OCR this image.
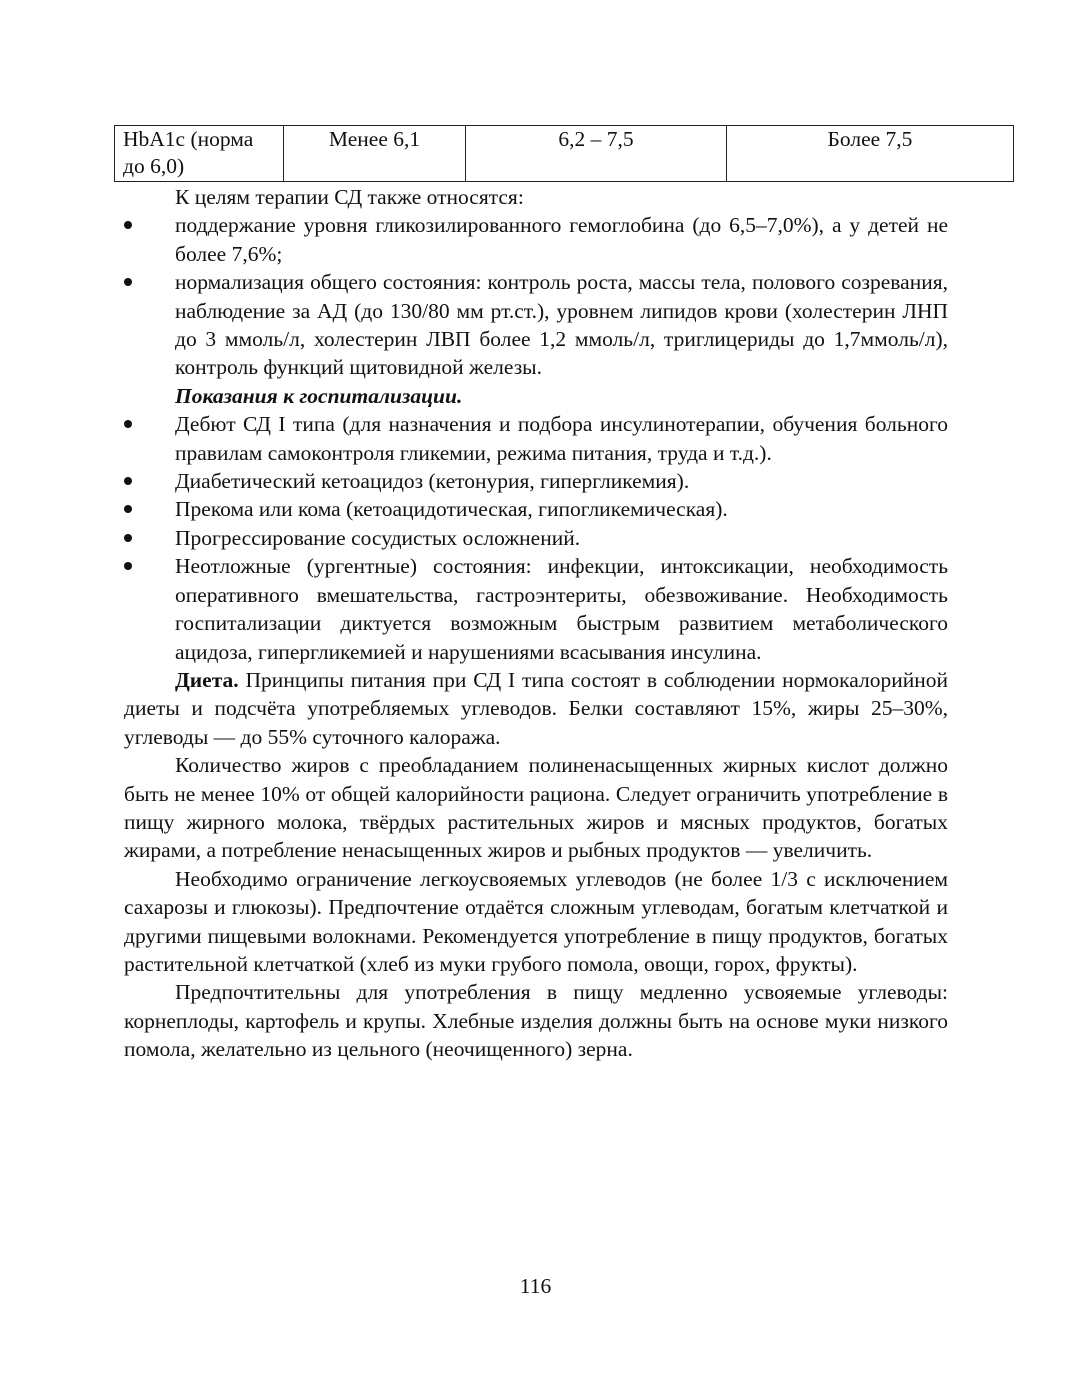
HbA1c (норма до 6,0)	Менее 6,1	6,2 – 7,5	Более 7,5

К целям терапии СД также относятся:

поддержание уровня гликозилированного гемоглобина (до 6,5–7,0%), а у детей не более 7,6%;
нормализация общего состояния: контроль роста, массы тела, полового созревания, наблюдение за АД (до 130/80 мм рт.ст.), уровнем липидов крови (холестерин ЛНП до 3 ммоль/л, холестерин ЛВП более 1,2 ммоль/л, триглицериды до 1,7ммоль/л), контроль функций щитовидной железы.

Показания к госпитализации.

Дебют СД I типа (для назначения и подбора инсулинотерапии, обучения больного правилам самоконтроля гликемии, режима питания, труда и т.д.).
Диабетический кетоацидоз (кетонурия, гипергликемия).
Прекома или кома (кетоацидотическая, гипогликемическая).
Прогрессирование сосудистых осложнений.
Неотложные (ургентные) состояния: инфекции, интоксикации, необходимость оперативного вмешательства, гастроэнтериты, обезвоживание. Необходимость госпитализации диктуется возможным быстрым развитием метаболического ацидоза, гипергликемией и нарушениями всасывания инсулина.

Диета. Принципы питания при СД I типа состоят в соблюдении нормокалорийной диеты и подсчёта употребляемых углеводов. Белки составляют 15%, жиры 25–30%, углеводы — до 55% суточного калоража.

Количество жиров с преобладанием полиненасыщенных жирных кислот должно быть не менее 10% от общей калорийности рациона. Следует ограничить употребление в пищу жирного молока, твёрдых растительных жиров и мясных продуктов, богатых жирами, а потребление ненасыщенных жиров и рыбных продуктов — увеличить.

Необходимо ограничение легкоусвояемых углеводов (не более 1/3 с исключением сахарозы и глюкозы). Предпочтение отдаётся сложным углеводам, богатым клетчаткой и другими пищевыми волокнами. Рекомендуется употребление в пищу продуктов, богатых растительной клетчаткой (хлеб из муки грубого помола, овощи, горох, фрукты).

Предпочтительны для употребления в пищу медленно усвояемые углеводы: корнеплоды, картофель и крупы. Хлебные изделия должны быть на основе муки низкого помола, желательно из цельного (неочищенного) зерна.

116
